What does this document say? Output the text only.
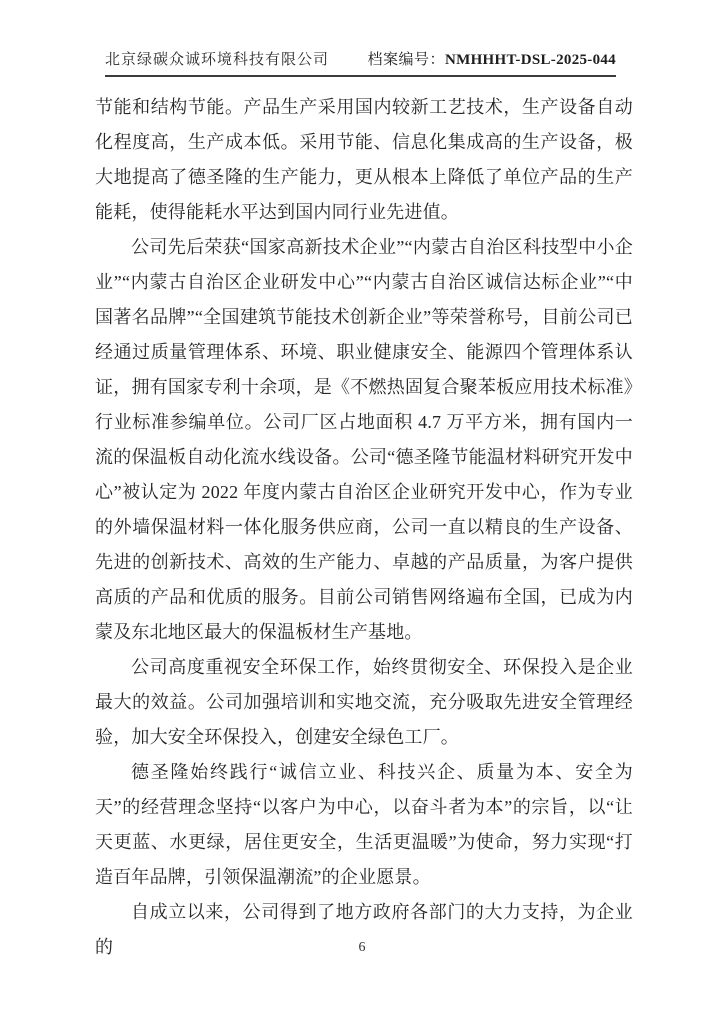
北京绿碳众诚环境科技有限公司	档案编号： NMHHHT-DSL-2025-044

节能和结构节能。产品生产采用国内较新工艺技术，生产设备自动化程度高，生产成本低。采用节能、信息化集成高的生产设备，极大地提高了德圣隆的生产能力，更从根本上降低了单位产品的生产能耗，使得能耗水平达到国内同行业先进值。

公司先后荣获“国家高新技术企业”“内蒙古自治区科技型中小企业”“内蒙古自治区企业研发中心”“内蒙古自治区诚信达标企业”“中国著名品牌”“全国建筑节能技术创新企业”等荣誉称号，目前公司已经通过质量管理体系、环境、职业健康安全、能源四个管理体系认证，拥有国家专利十余项，是《不燃热固复合聚苯板应用技术标准》行业标准参编单位。公司厂区占地面积 4.7 万平方米，拥有国内一流的保温板自动化流水线设备。公司“德圣隆节能温材料研究开发中心”被认定为 2022 年度内蒙古自治区企业研究开发中心，作为专业的外墙保温材料一体化服务供应商，公司一直以精良的生产设备、先进的创新技术、高效的生产能力、卓越的产品质量，为客户提供高质的产品和优质的服务。目前公司销售网络遍布全国，已成为内蒙及东北地区最大的保温板材生产基地。

公司高度重视安全环保工作，始终贯彻安全、环保投入是企业最大的效益。公司加强培训和实地交流，充分吸取先进安全管理经验，加大安全环保投入，创建安全绿色工厂。

德圣隆始终践行“诚信立业、科技兴企、质量为本、安全为天”的经营理念坚持“以客户为中心，以奋斗者为本”的宗旨，以“让天更蓝、水更绿，居住更安全，生活更温暖”为使命，努力实现“打造百年品牌，引领保温潮流”的企业愿景。

自成立以来，公司得到了地方政府各部门的大力支持，为企业的	6
